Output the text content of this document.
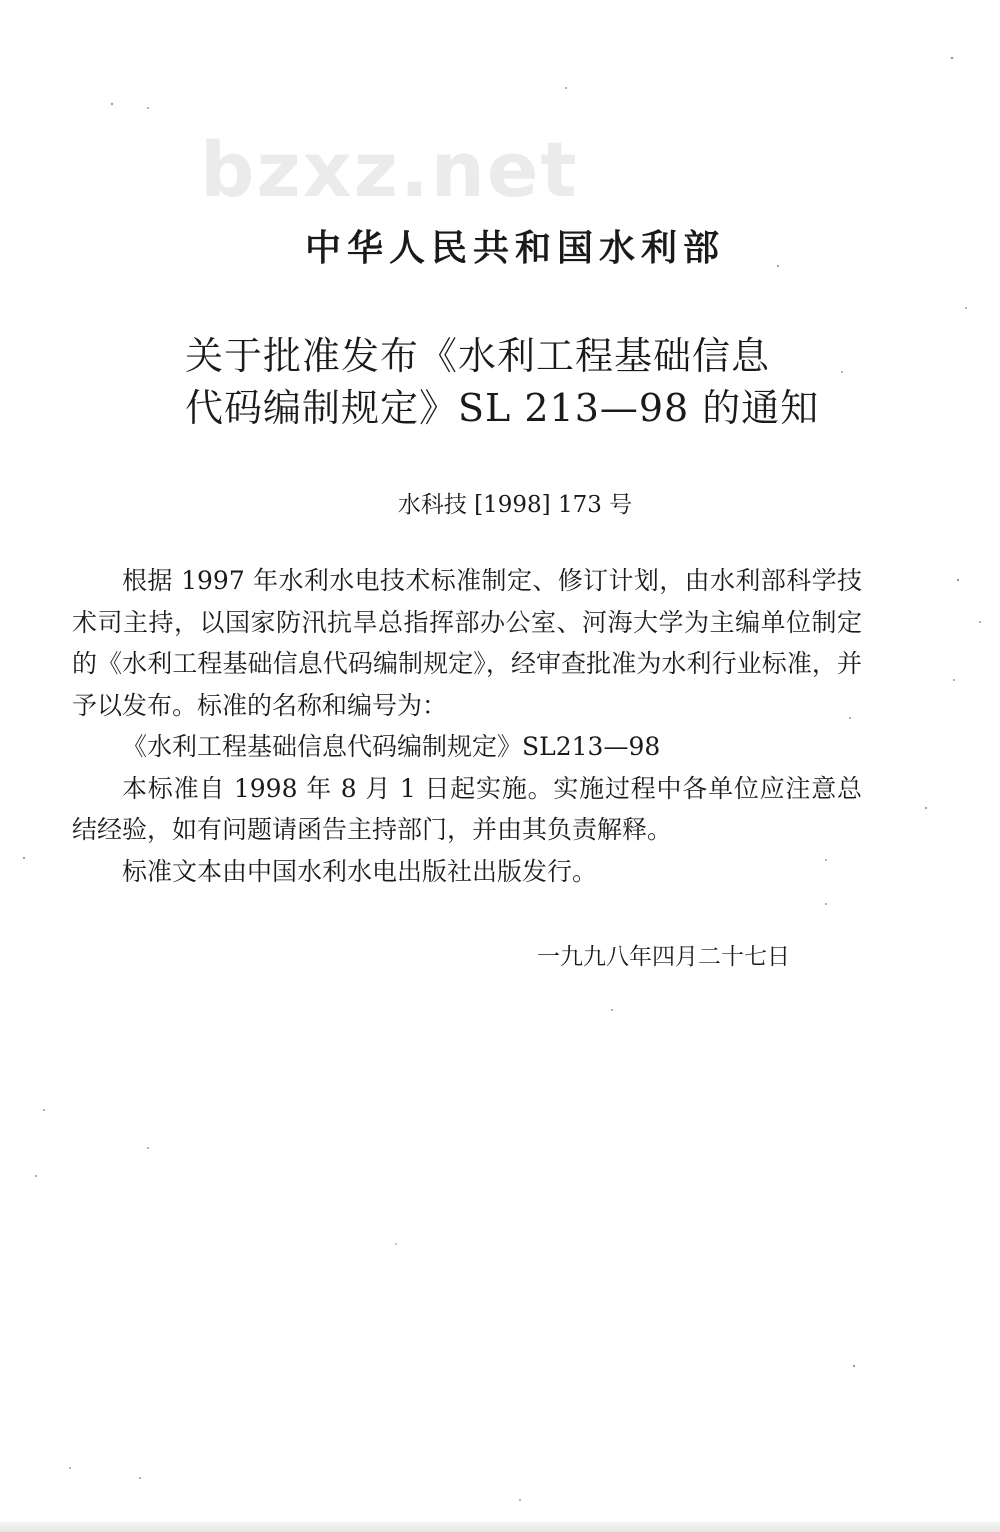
bzxz.net
中华人民共和国水利部
关于批准发布《水利工程基础信息
代码编制规定》SL 213—98 的通知
水科技 [1998] 173 号

根据 1997 年水利水电技术标准制定、修订计划，由水利部科学技术司主持，以国家防汛抗旱总指挥部办公室、河海大学为主编单位制定的《水利工程基础信息代码编制规定》，经审查批准为水利行业标准，并予以发布。标准的名称和编号为：

《水利工程基础信息代码编制规定》SL213—98

本标准自 1998 年 8 月 1 日起实施。实施过程中各单位应注意总结经验，如有问题请函告主持部门，并由其负责解释。

标准文本由中国水利水电出版社出版发行。

一九九八年四月二十七日
